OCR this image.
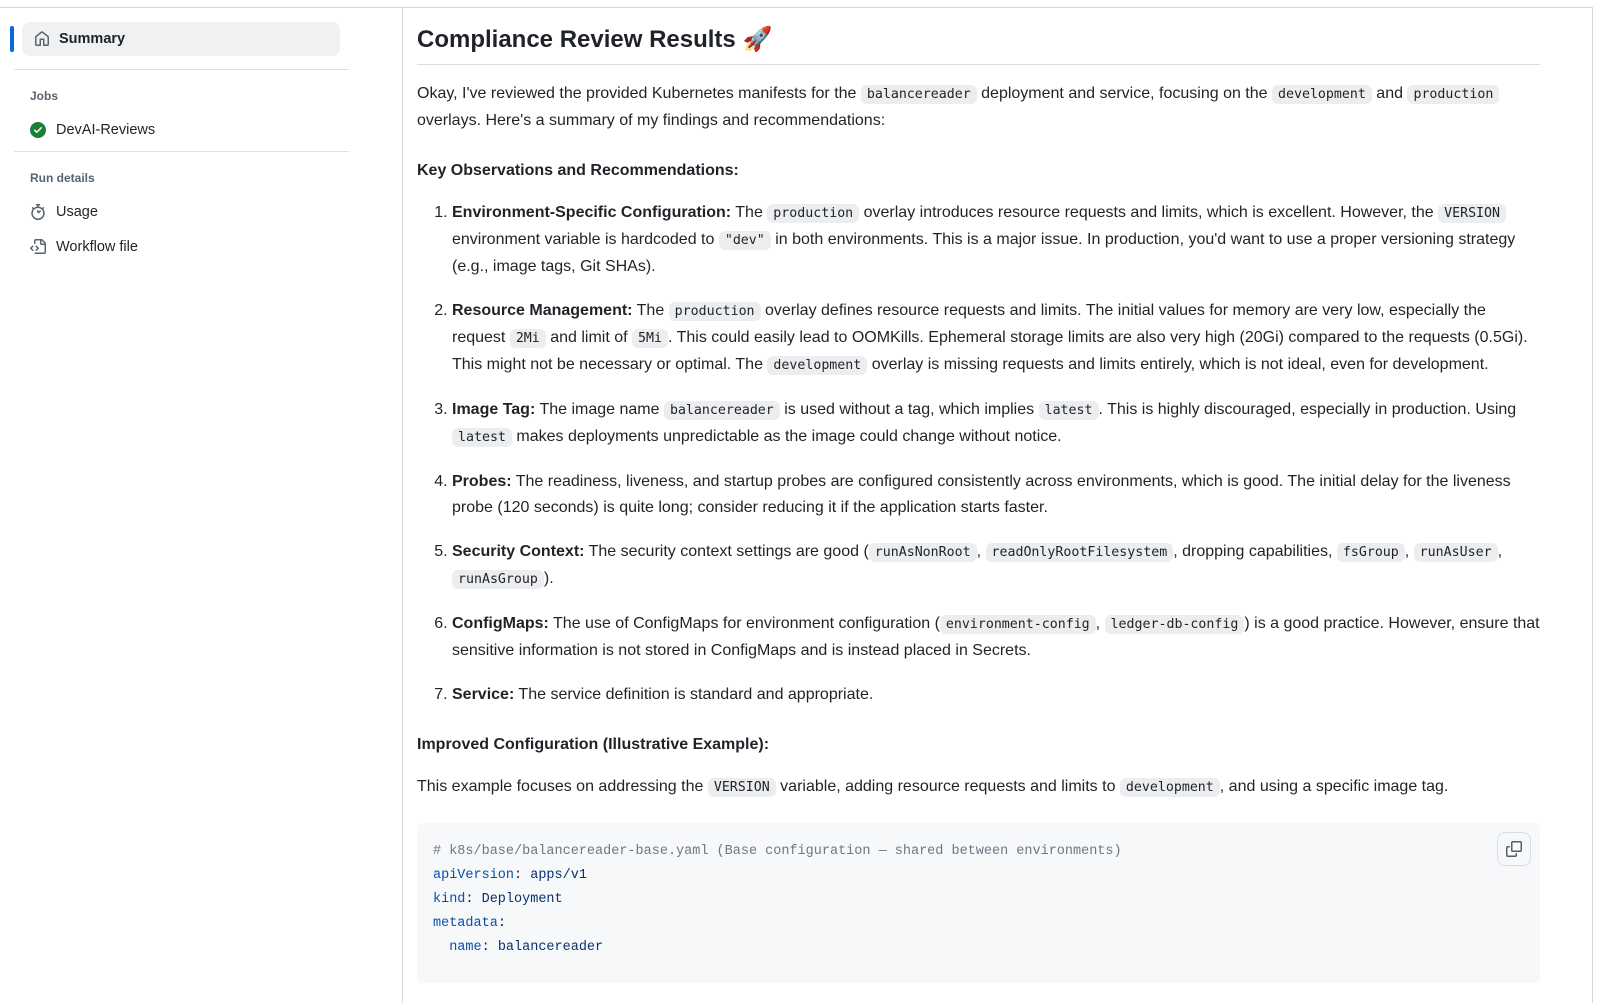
Summary
Jobs
DevAI-Reviews
Run details
Usage
Workflow file
Compliance Review Results 🚀

Okay, I've reviewed the provided Kubernetes manifests for the balancereader deployment and service, focusing on the development and production overlays. Here's a summary of my findings and recommendations:

Key Observations and Recommendations:
1. Environment-Specific Configuration: The production overlay introduces resource requests and limits, which is excellent. However, the VERSION environment variable is hardcoded to "dev" in both environments. This is a major issue. In production, you'd want to use a proper versioning strategy (e.g., image tags, Git SHAs).
2. Resource Management: The production overlay defines resource requests and limits. The initial values for memory are very low, especially the request 2Mi and limit of 5Mi . This could easily lead to OOMKills. Ephemeral storage limits are also very high (20Gi) compared to the requests (0.5Gi). This might not be necessary or optimal. The development overlay is missing requests and limits entirely, which is not ideal, even for development.
3. Image Tag: The image name balancereader is used without a tag, which implies latest . This is highly discouraged, especially in production. Using latest makes deployments unpredictable as the image could change without notice.
4. Probes: The readiness, liveness, and startup probes are configured consistently across environments, which is good. The initial delay for the liveness probe (120 seconds) is quite long; consider reducing it if the application starts faster.
5. Security Context: The security context settings are good ( runAsNonRoot , readOnlyRootFilesystem , dropping capabilities, fsGroup , runAsUser , runAsGroup ).
6. ConfigMaps: The use of ConfigMaps for environment configuration ( environment-config , ledger-db-config ) is a good practice. However, ensure that sensitive information is not stored in ConfigMaps and is instead placed in Secrets.
7. Service: The service definition is standard and appropriate.
Improved Configuration (Illustrative Example):

This example focuses on addressing the VERSION variable, adding resource requests and limits to development , and using a specific image tag.

# k8s/base/balancereader-base.yaml (Base configuration — shared between environments)
apiVersion: apps/v1
kind: Deployment
metadata:
name: balancereader
